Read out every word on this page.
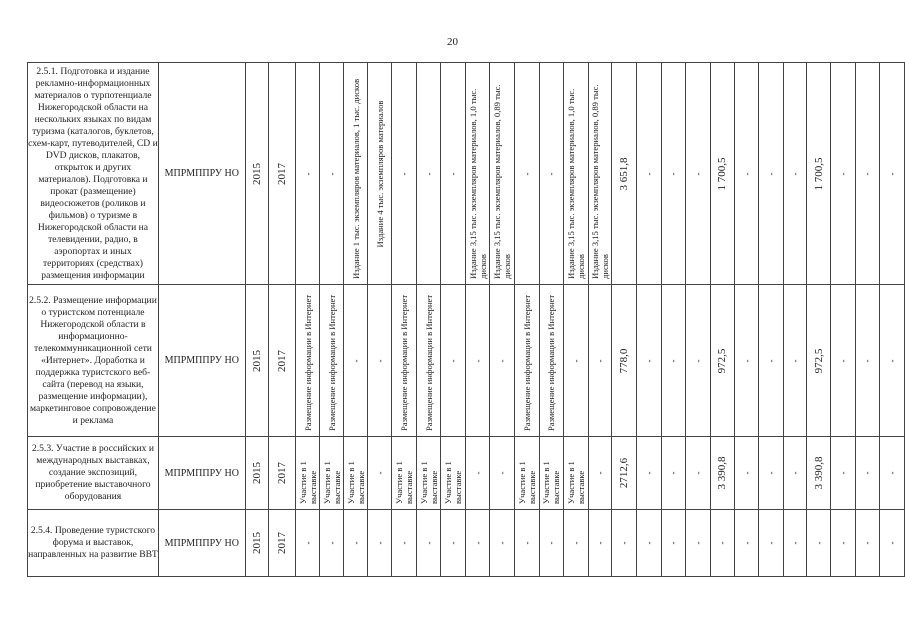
20
2.5.1. Подготовка и издание рекламно-информационных материалов о турпотенциале Нижегородской области на нескольких языках по видам туризма (каталогов, буклетов, схем-карт, путеводителей, CD и DVD дисков, плакатов, открыток и других материалов). Подготовка и прокат (размещение) видеосюжетов (роликов и фильмов) о туризме в Нижегородской области на телевидении, радио, в аэропортах и иных территориях (средствах) размещения информации	МПРМППРУ НО	2015	2017	-	-	Издание 1 тыс. экземпляров материалов, 1 тыс. дисков	Издание 4 тыс. экземпляров материалов	-	-	-	Издание 3,15 тыс. экземпляров материалов, 1,0 тыс. дисков	Издание 3,15 тыс. экземпляров материалов, 0,89 тыс. дисков	-	-	Издание 3,15 тыс. экземпляров материалов, 1,0 тыс. дисков	Издание 3,15 тыс. экземпляров материалов, 0,89 тыс. дисков	3 651,8	-	-	-	1 700,5	-	-	-	1 700,5	-	-	-

2.5.2. Размещение информации о туристском потенциале Нижегородской области в информационно-телекоммуникационной сети «Интернет». Доработка и поддержка туристского веб-сайта (перевод на языки, размещение информации), маркетинговое сопровождение и реклама	МПРМППРУ НО	2015	2017	Размещение информации в Интернет	Размещение информации в Интернет	-	-	Размещение информации в Интернет	Размещение информации в Интернет	-	-	-	Размещение информации в Интернет	Размещение информации в Интернет	-	-	778,0	-	-	-	972,5	-	-	-	972,5	-	-	-

2.5.3. Участие в российских и международных выставках, создание экспозиций, приобретение выставочного оборудования	МПРМППРУ НО	2015	2017	Участие в 1 выставке	Участие в 1 выставке	Участие в 1 выставке	-	Участие в 1 выставке	Участие в 1 выставке	Участие в 1 выставке	-	-	Участие в 1 выставке	Участие в 1 выставке	Участие в 1 выставке	-	2712,6	-	-	-	3 390,8	-	-	-	3 390,8	-	-	-

2.5.4. Проведение туристского форума и выставок, направленных на развитие ВВТ	МПРМППРУ НО	2015	2017	-	-	-	-	-	-	-	-	-	-	-	-	-	-	-	-	-	-	-	-	-	-	-	-	-
